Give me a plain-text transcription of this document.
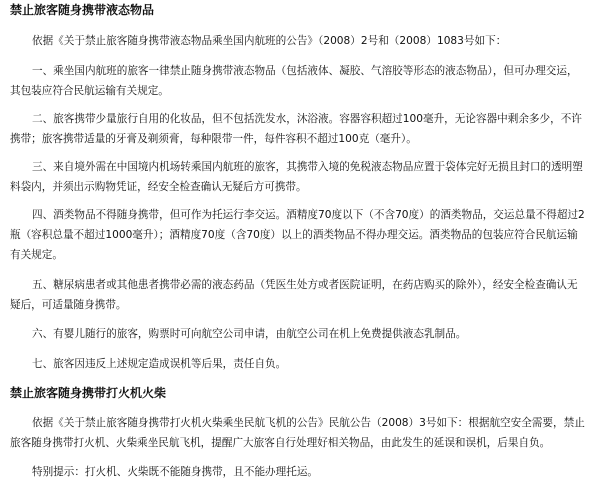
禁止旅客随身携带液态物品

依据《关于禁止旅客随身携带液态物品乘坐国内航班的公告》（2008）2号和（2008）1083号如下：

一、乘坐国内航班的旅客一律禁止随身携带液态物品（包括液体、凝胶、气溶胶等形态的液态物品），但可办理交运，其包装应符合民航运输有关规定。

二、旅客携带少量旅行自用的化妆品，但不包括洗发水，沐浴液。容器容积超过100毫升，无论容器中剩余多少，不许携带；旅客携带适量的牙膏及剃须膏，每种限带一件，每件容积不超过100克（毫升）。

三、来自境外需在中国境内机场转乘国内航班的旅客，其携带入境的免税液态物品应置于袋体完好无损且封口的透明塑料袋内，并须出示购物凭证，经安全检查确认无疑后方可携带。

四、酒类物品不得随身携带，但可作为托运行李交运。酒精度70度以下（不含70度）的酒类物品，交运总量不得超过2瓶（容积总量不超过1000毫升）；酒精度70度（含70度）以上的酒类物品不得办理交运。酒类物品的包装应符合民航运输有关规定。

五、糖尿病患者或其他患者携带必需的液态药品（凭医生处方或者医院证明，在药店购买的除外），经安全检查确认无疑后，可适量随身携带。

六、有婴儿随行的旅客，购票时可向航空公司申请，由航空公司在机上免费提供液态乳制品。

七、旅客因违反上述规定造成误机等后果，责任自负。

禁止旅客随身携带打火机火柴

依据《关于禁止旅客随身携带打火机火柴乘坐民航飞机的公告》民航公告（2008）3号如下：根据航空安全需要，禁止旅客随身携带打火机、火柴乘坐民航飞机，提醒广大旅客自行处理好相关物品，由此发生的延误和误机，后果自负。

特别提示：打火机、火柴既不能随身携带，且不能办理托运。
